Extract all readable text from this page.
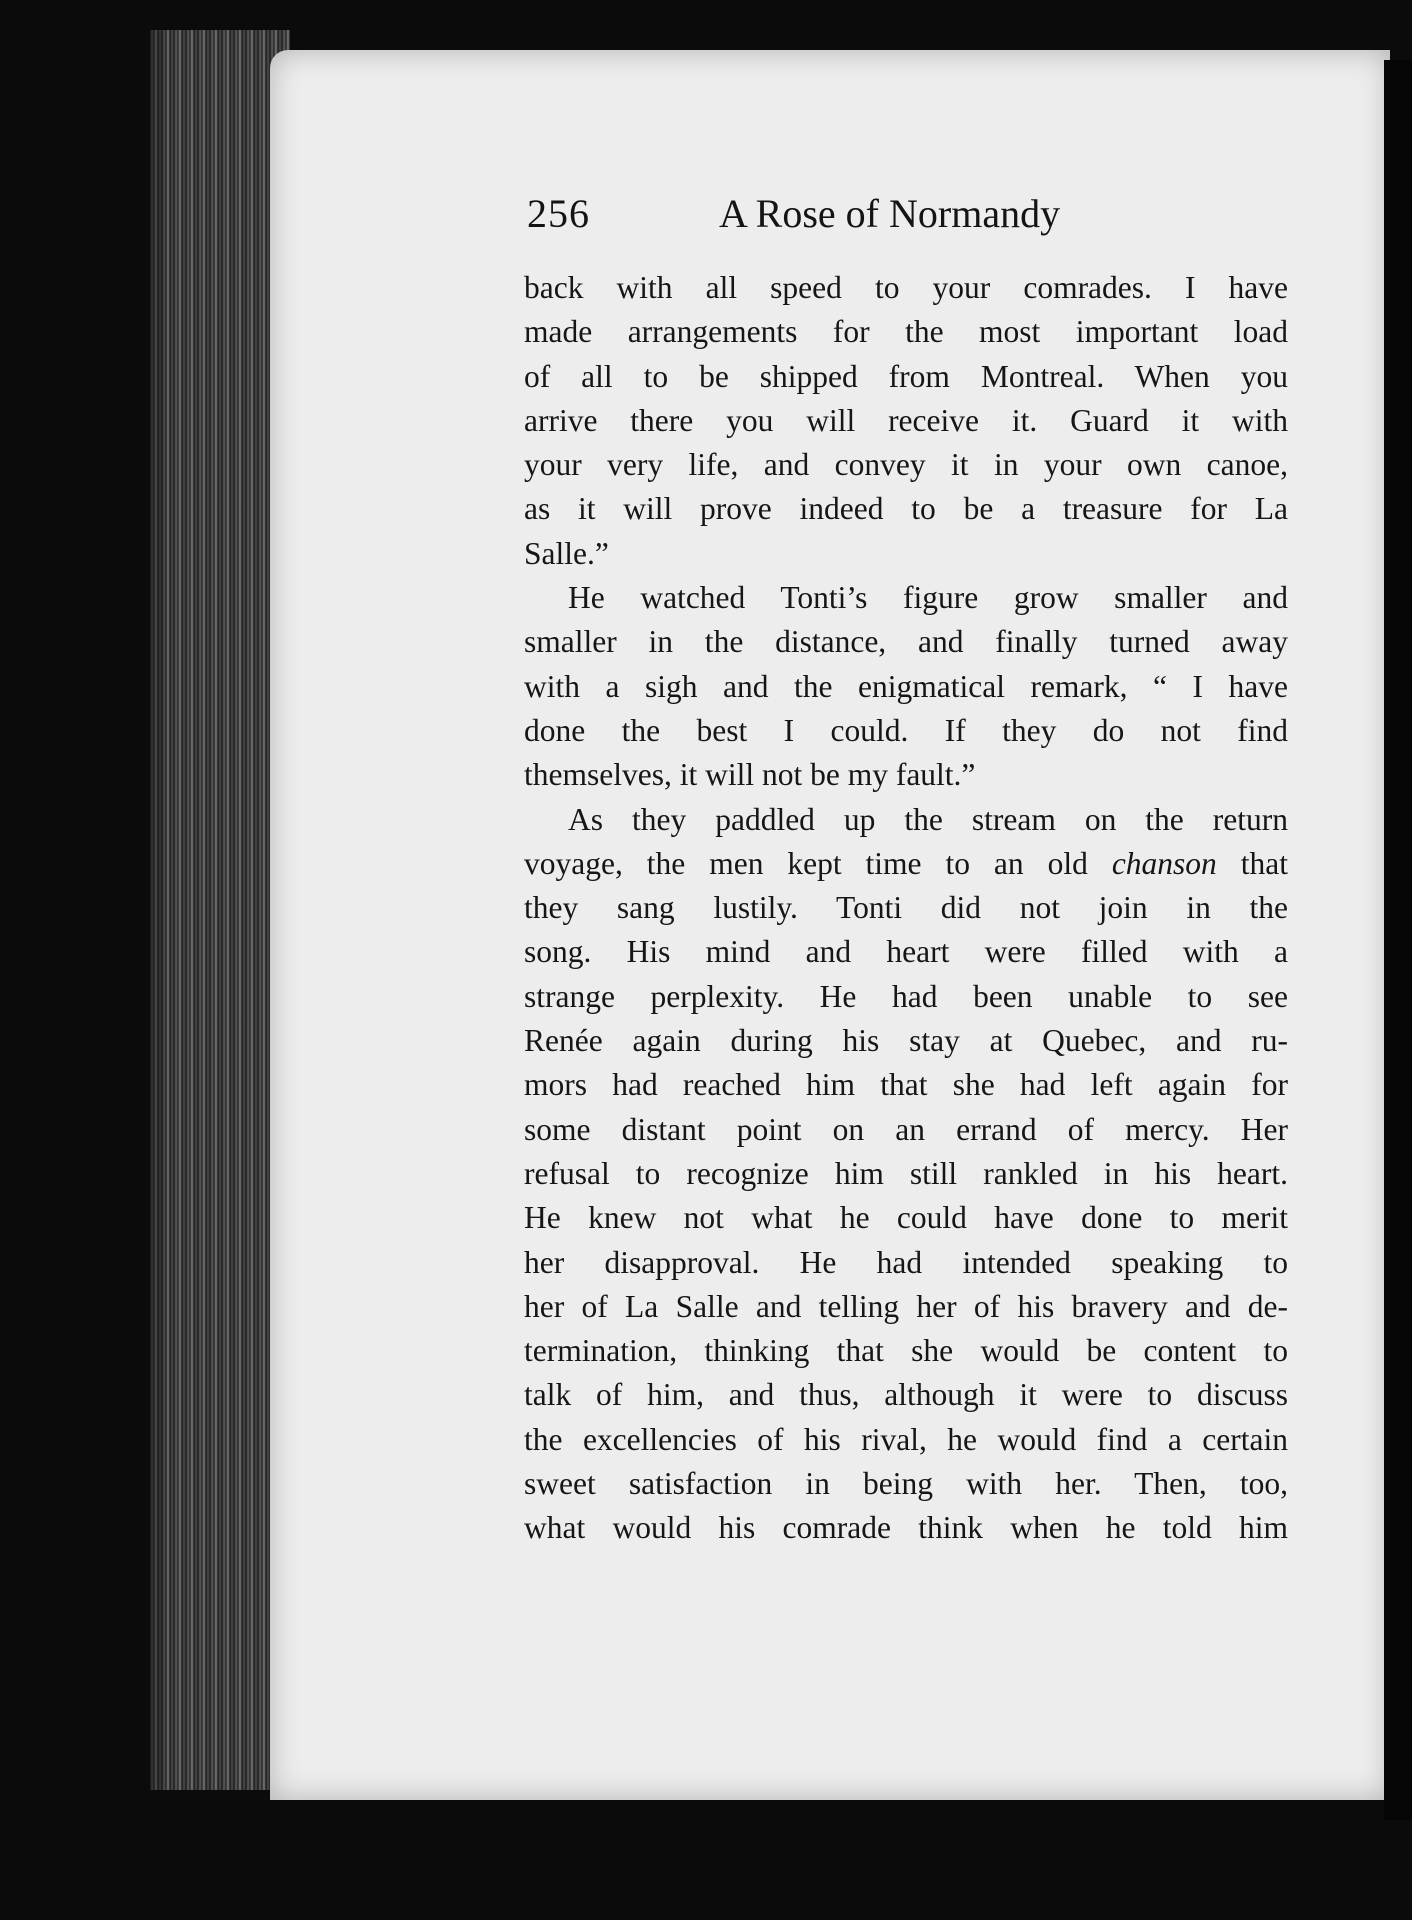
256	A Rose of Normandy
back with all speed to your comrades. I have
made arrangements for the most important load
of all to be shipped from Montreal. When you
arrive there you will receive it. Guard it with
your very life, and convey it in your own canoe,
as it will prove indeed to be a treasure for La
Salle.”
He watched Tonti’s figure grow smaller and
smaller in the distance, and finally turned away
with a sigh and the enigmatical remark, “ I have
done the best I could. If they do not find
themselves, it will not be my fault.”
As they paddled up the stream on the return
voyage, the men kept time to an old chanson that
they sang lustily. Tonti did not join in the
song. His mind and heart were filled with a
strange perplexity. He had been unable to see
Renée again during his stay at Quebec, and ru-
mors had reached him that she had left again for
some distant point on an errand of mercy. Her
refusal to recognize him still rankled in his heart.
He knew not what he could have done to merit
her disapproval. He had intended speaking to
her of La Salle and telling her of his bravery and de-
termination, thinking that she would be content to
talk of him, and thus, although it were to discuss
the excellencies of his rival, he would find a certain
sweet satisfaction in being with her. Then, too,
what would his comrade think when he told him
